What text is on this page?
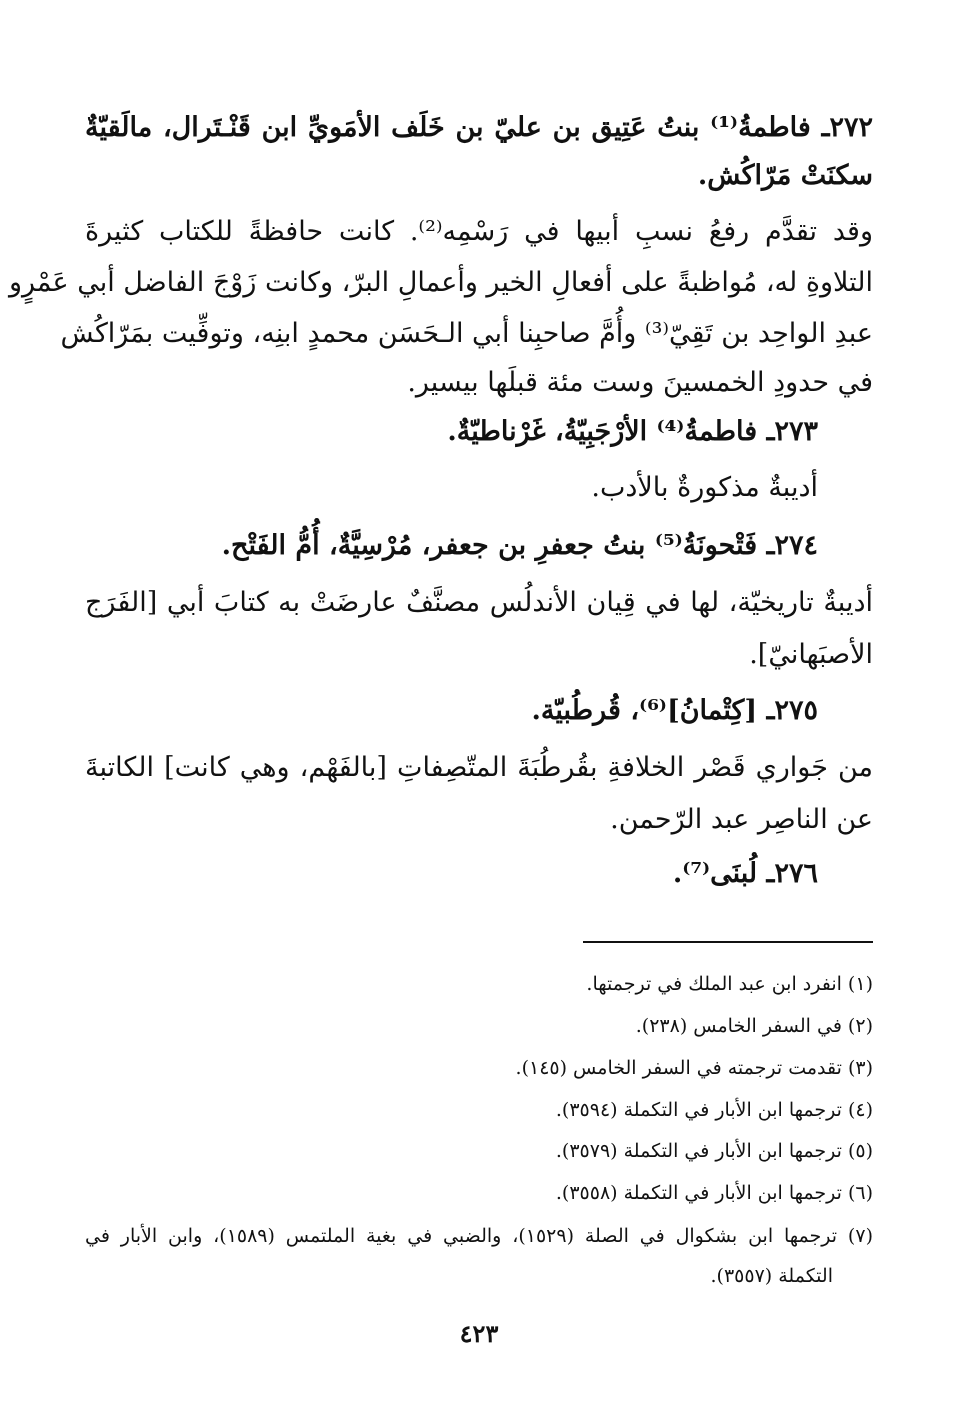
٢٧٢ـ فاطمةُ⁽¹⁾ بنتُ عَتِيق بن عليّ بن خَلَف الأمَويِّ ابن قَنْـتَرال، مالَقيّةٌ
سكنَتْ مَرّاكُش.
وقد تقدَّم رفعُ نسبِ أبيها في رَسْمِه⁽²⁾. كانت حافظةً للكتاب كثيرةَ
التلاوةِ له، مُواظبةً على أفعالِ الخير وأعمالِ البرّ، وكانت زَوْجَ الفاضل أبي عَمْرٍو
عبدِ الواحِد بن تَقِيّ⁽³⁾ وأُمَّ صاحبِنا أبي الـحَسَن محمدٍ ابنِه، وتوفِّيت بمَرّاكُش
في حدودِ الخمسينَ وست مئة قبلَها بيسير.
٢٧٣ـ فاطمةُ⁽⁴⁾ الأرْجَبِيّةُ، غَرْناطيّةٌ.
أديبةٌ مذكورةٌ بالأدب.
٢٧٤ـ فَتْحونَةُ⁽⁵⁾ بنتُ جعفرِ بن جعفر، مُرْسِيَّةٌ، أُمُّ الفَتْح.
أديبةٌ تاريخيّة، لها في قِيان الأندلُس مصنَّفٌ عارضَتْ به كتابَ أبي [الفَرَج
الأصبَهانيّ].
٢٧٥ـ [كِتْمانُ]⁽⁶⁾، قُرطُبيّة.
من جَواري قَصْر الخلافةِ بقُرطُبَةَ المتّصِفاتِ [بالفَهْم، وهي كانت] الكاتبةَ
عن الناصِر عبد الرّحمن.
٢٧٦ـ لُبنَى⁽⁷⁾.
(١) انفرد ابن عبد الملك في ترجمتها.
(٢) في السفر الخامس (٢٣٨).
(٣) تقدمت ترجمته في السفر الخامس (١٤٥).
(٤) ترجمها ابن الأبار في التكملة (٣٥٩٤).
(٥) ترجمها ابن الأبار في التكملة (٣٥٧٩).
(٦) ترجمها ابن الأبار في التكملة (٣٥٥٨).
(٧) ترجمها ابن بشكوال في الصلة (١٥٢٩)، والضبي في بغية الملتمس (١٥٨٩)، وابن الأبار في
التكملة (٣٥٥٧).
٤٢٣
